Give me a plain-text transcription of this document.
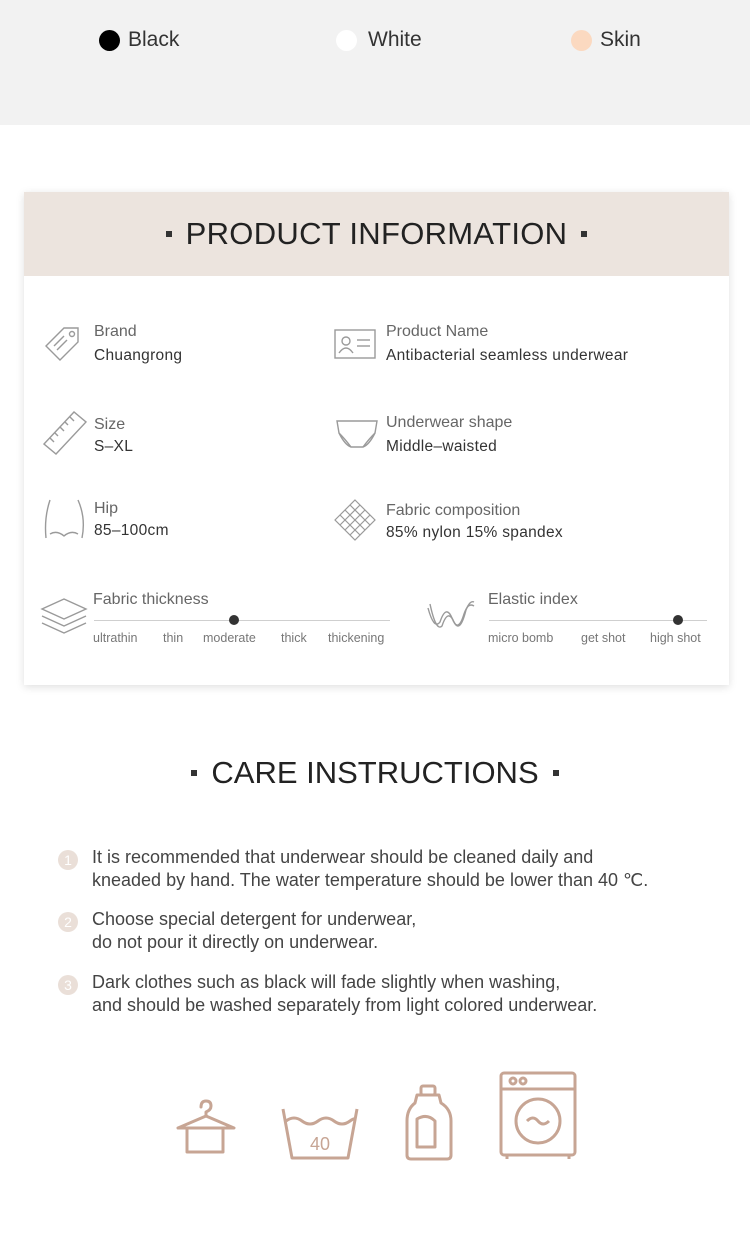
Black	White	Skin
PRODUCT INFORMATION
Brand
Chuangrong
Product Name
Antibacterial seamless underwear
Size
S–XL
Underwear shape
Middle–waisted
Hip
85–100cm
Fabric composition
85% nylon 15% spandex
Fabric thickness
ultrathin thin moderate thick thickening
Elastic index
micro bomb get shot high shot
CARE INSTRUCTIONS
1	It is recommended that underwear should be cleaned daily and
kneaded by hand. The water temperature should be lower than 40 ℃.
2	Choose special detergent for underwear,
do not pour it directly on underwear.
3	Dark clothes such as black will fade slightly when washing,
and should be washed separately from light colored underwear.
40
